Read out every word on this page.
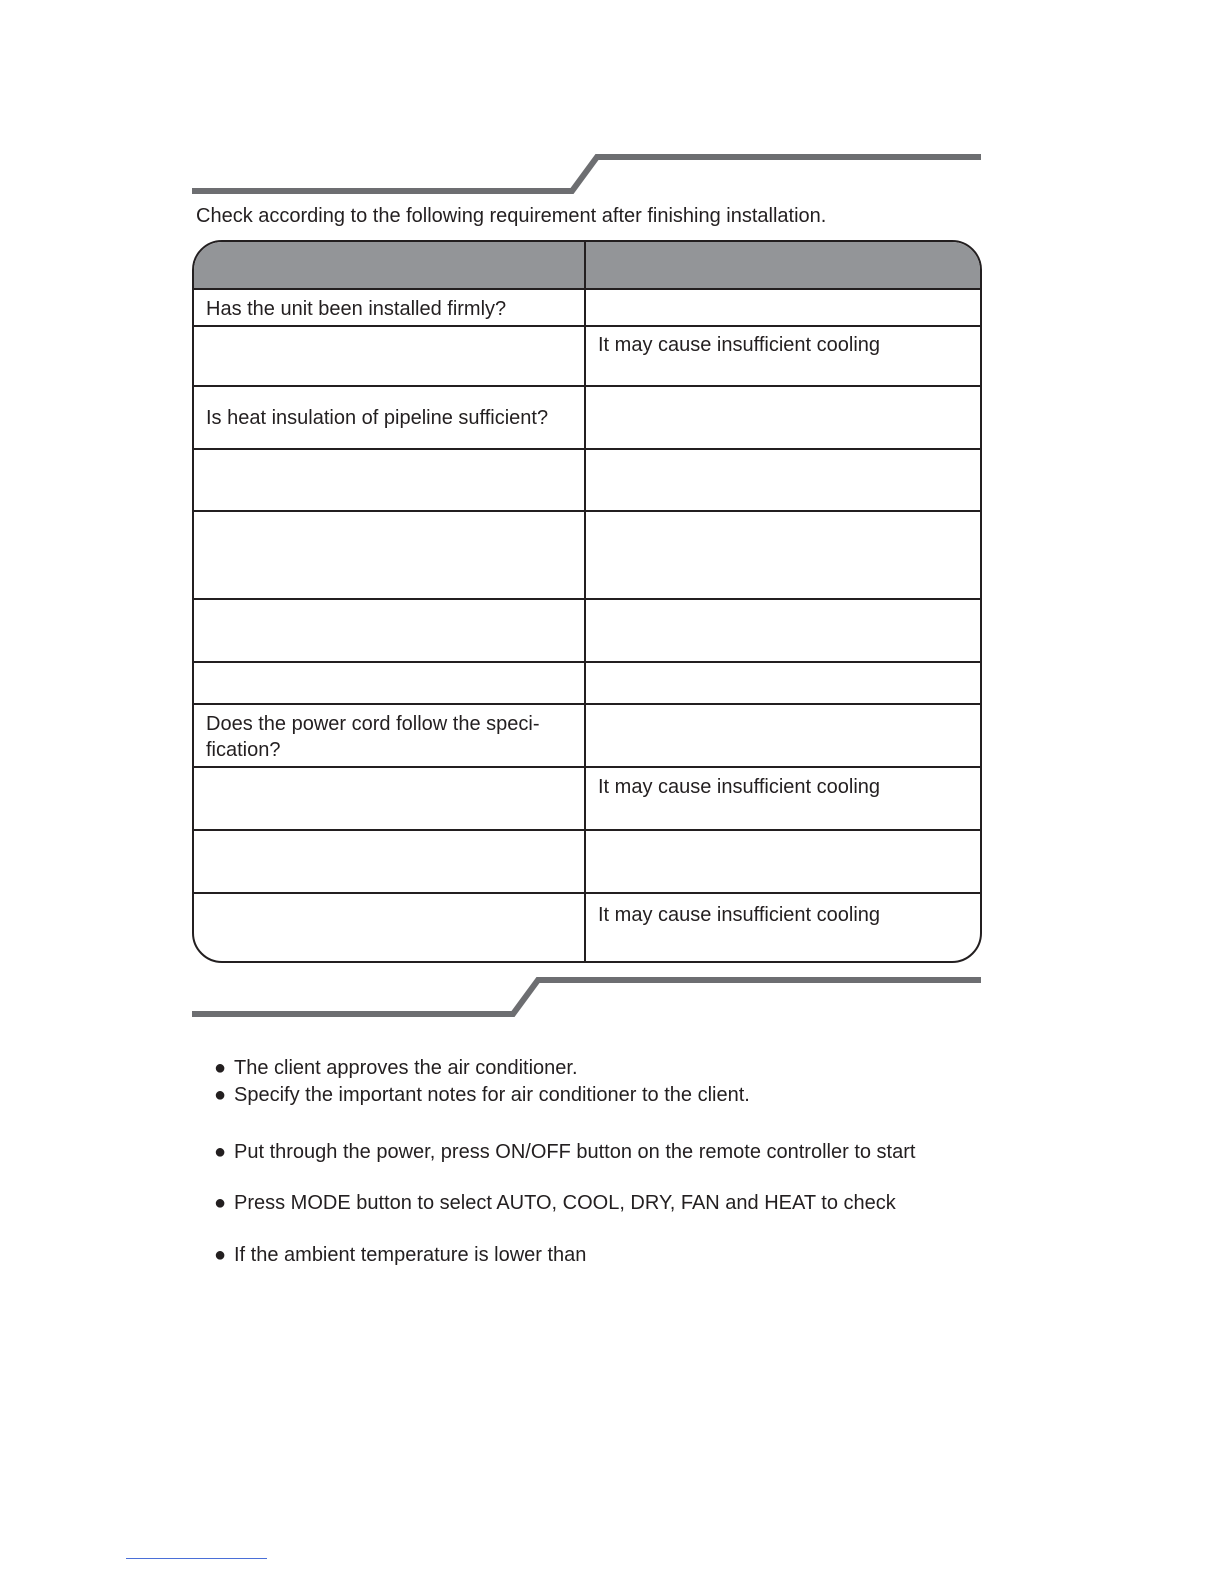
Check according to the following requirement after finishing installation.
Has the unit been installed firmly?
It may cause insufficient cooling
Is heat insulation of pipeline sufficient?
Does the power cord follow the speci-
fication?
It may cause insufficient cooling
It may cause insufficient cooling
● The client approves the air conditioner.
● Specify the important notes for air conditioner to the client.
● Put through the power, press ON/OFF button on the remote controller to start
● Press MODE button to select AUTO, COOL, DRY, FAN and HEAT to check
● If the ambient temperature is lower than
